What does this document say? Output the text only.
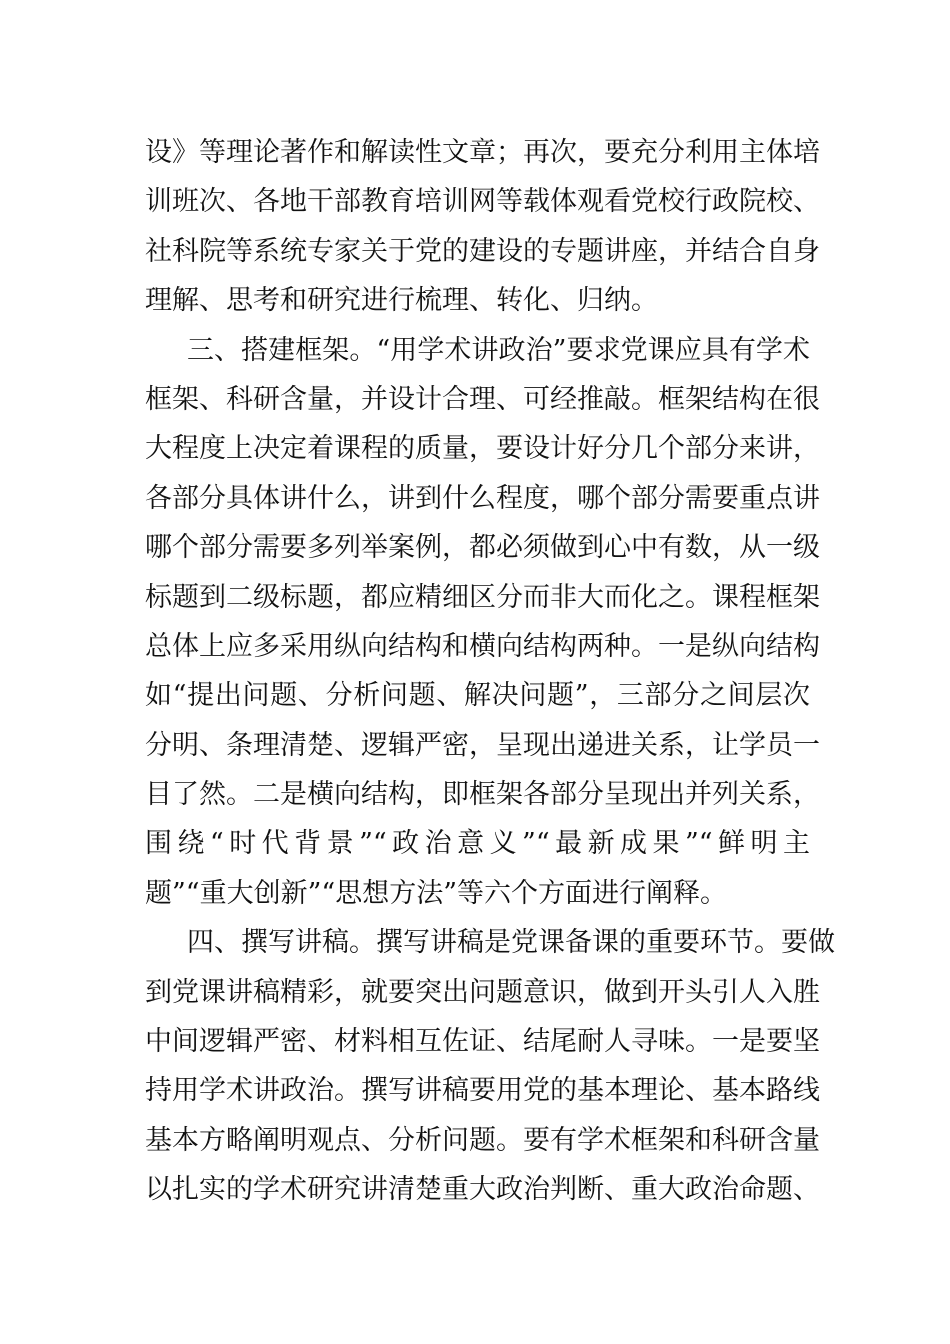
设》等理论著作和解读性文章；再次，要充分利用主体培
训班次、各地干部教育培训网等载体观看党校行政院校、
社科院等系统专家关于党的建设的专题讲座，并结合自身
理解、思考和研究进行梳理、转化、归纳。
三、搭建框架。“用学术讲政治”要求党课应具有学术
框架、科研含量，并设计合理、可经推敲。框架结构在很
大程度上决定着课程的质量，要设计好分几个部分来讲，
各部分具体讲什么，讲到什么程度，哪个部分需要重点讲
哪个部分需要多列举案例，都必须做到心中有数，从一级
标题到二级标题，都应精细区分而非大而化之。课程框架
总体上应多采用纵向结构和横向结构两种。一是纵向结构
如“提出问题、分析问题、解决问题”，三部分之间层次
分明、条理清楚、逻辑严密，呈现出递进关系，让学员一
目了然。二是横向结构，即框架各部分呈现出并列关系，
围绕“时代背景”“政治意义”“最新成果”“鲜明主
题”“重大创新”“思想方法”等六个方面进行阐释。
四、撰写讲稿。撰写讲稿是党课备课的重要环节。要做
到党课讲稿精彩，就要突出问题意识，做到开头引人入胜
中间逻辑严密、材料相互佐证、结尾耐人寻味。一是要坚
持用学术讲政治。撰写讲稿要用党的基本理论、基本路线
基本方略阐明观点、分析问题。要有学术框架和科研含量
以扎实的学术研究讲清楚重大政治判断、重大政治命题、
